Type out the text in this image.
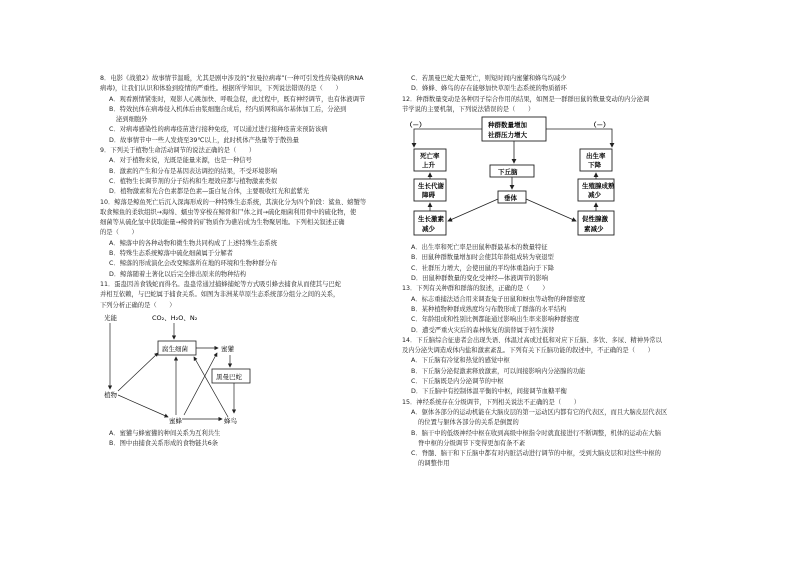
8．电影《战狼2》故事情节温暖，尤其是剧中涉及的“拉曼拉病毒”(一种可引发性传染病的RNA

病毒)，让我们认识和体验到疫情的严重性。根据所学知识，下列说法错误的是（　　）

A．观看剧情紧张时，观影人心跳加快、呼吸急促，此过程中，既有神经调节，也有体液调节

B．特效抗体在病毒侵入机体后由浆细胞合成后，经内质网和高尔基体加工后，分泌到

泌到细胞外

C．对病毒感染性的病毒疫苗进行接种免疫，可以通过进行接种疫苗来预防该病

D．故事情节中一些人发烧至39℃以上，此时机体产热量等于散热量

9．下列关于植物生命活动调节的说法正确的是（　　）

A．对于植物来说，光既是能量来源，也是一种信号

B．激素的产生和分布是基因表达调控的结果，不受环境影响

C．植物生长调节剂的分子结构和生理效应都与植物激素类似

D．植物激素和光合色素都是色素—蛋白复合体，主要吸收红光和蓝紫光

10．鲸落是鲸鱼死亡后沉入深海形成的一种特殊生态系统，其演化分为四个阶段：鲨鱼、螃蟹等

取食鲸鱼的柔软组织→海绵、蠕虫等穿梭在鲸骨和尸体之间→硫化细菌利用骨中的硫化物，使

细菌等从硫化氢中获取能量→鲸骨的矿物质作为礁岩成为生物聚居地。下列相关叙述正确

的是（　　）

A．鲸落中的各种动物和微生物共同构成了上述特殊生态系统

B．特殊生态系统鲸落中硫化细菌属于分解者

C．鲸落的形成演化会改变鲸落所在地的环境和生物种群分布

D．鲸落随着土著化以后完全排出原来的物种结构

11．蛋蛊因善食钱蛇而得名。蛊蛊常通过捕蜂捕蛇等方式吸引蜂去捕食从而使其与巴蛇

并相互依赖，与巴蛇属于捕食关系。如图为非洲某草原生态系统部分组分之间的关系，

下列分析正确的是（　　）

光能	CO₂、H₂O、N₂
植物
腐生细菌	蜜獾
黑曼巴蛇
蜜蜂	蜂鸟

A．蜜獾与蜂蜜獾的种间关系为互利共生

B．图中由捕食关系形成的食物链共6条

C．若黑曼巴蛇大量死亡，则短时间内蜜獾和蜂鸟均减少

D．蜂蜂、蜂鸟的存在能够加快草原生态系统的物质循环

12．种群数量变动是各种因子综合作用的结果，如图是一群群田鼠的数量变动的内分泌调

节学说的主要机制，下列说法错误的是（　　）

种群数量增加
社群压力增大
（－）	（－）
死亡率
上升
出生率
下降
下丘脑
生长代谢
障碍
生殖腺成熟
减少
垂体
生长激素
减少
促性腺激
素减少

A．出生率和死亡率是田鼠种群最基本的数量特征

B．田鼠种群数量增加时会使其年龄组成转为衰退型

C．社群压力增大，会使田鼠的平均体重趋向于下降

D．田鼠种群数量的变化受神经—体液调节的影响

13．下列有关种群和群落的叙述，正确的是（　　）

A．标志重捕法适合用来调查兔子田鼠和蚜虫等动物的种群密度

B．某种植物种群成熟度均匀布散形成了群落的水平结构

C．年龄组成和性别比例都能通过影响出生率来影响种群密度

D．遭受严重火灾后的森林恢复的演替属于初生演替

14．下丘脑综合征患者会出现失语、体温过高或过低和对应下丘脑、多饮、多尿、精神异常以

及内分泌失调造成体内盐和激素紊乱。下列有关下丘脑功能的叙述中，不正确的是（　　）

A．下丘脑有冷觉和热觉的感觉中枢

B．下丘脑分泌促激素释放激素，可以间接影响内分泌腺的功能

C．下丘脑既是内分泌调节的中枢

D．下丘脑中有控制体温平衡的中枢，间接调节血糖平衡

15．神经系统存在分级调节，下列相关说法不正确的是（　　）

A．躯体各部分的运动机能在大脑皮层的第一运动区内都有它的代表区，而且大脑皮层代表区

的位置与躯体各部分的关系是倒置的

B．脑干中的低级神经中枢在收到高级中枢指令时就直接进行不断调整，机体的运动在大脑

脊中枢的分级调节下变得更加有条不紊

C．脊髓、脑干和下丘脑中都有对内脏活动进行调节的中枢，受到大脑皮层和对这些中枢的

的调整作用
